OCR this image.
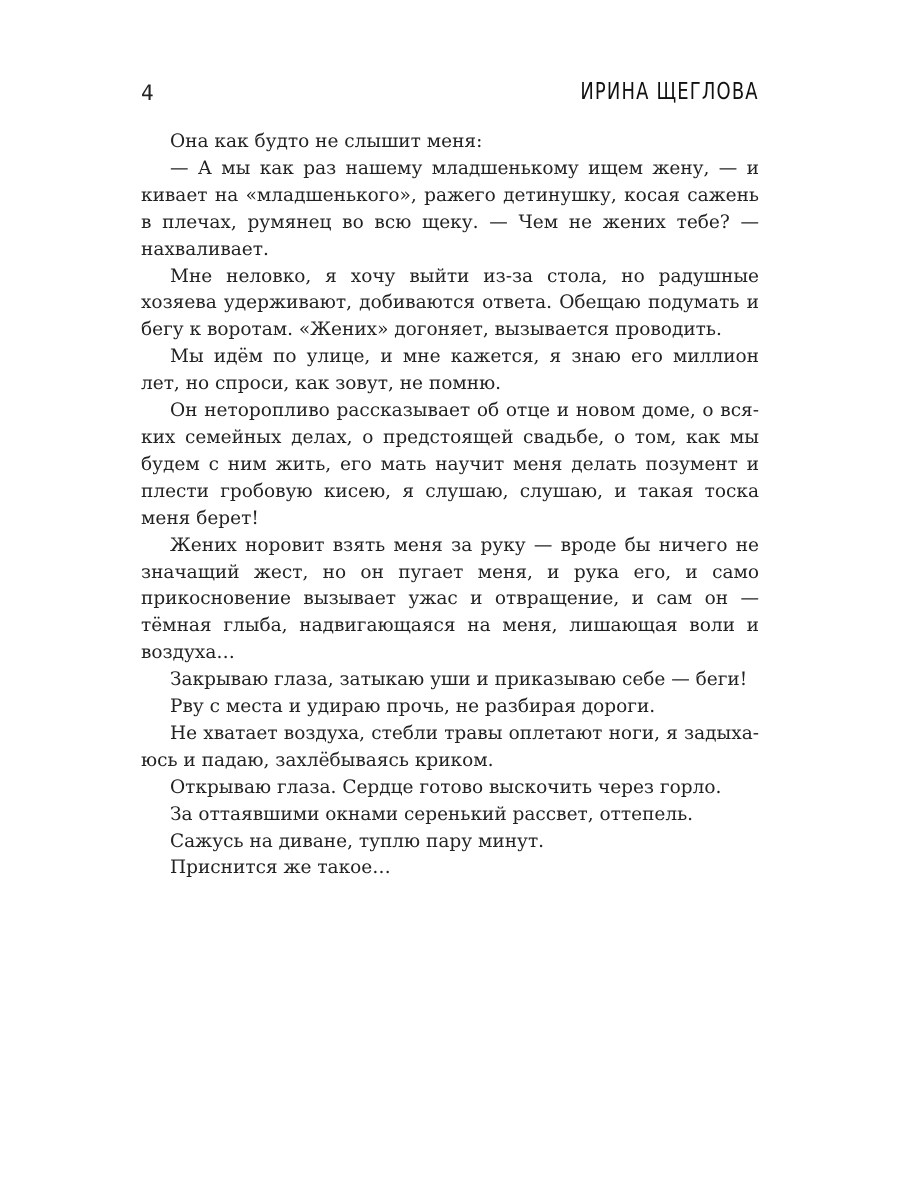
4	ИРИНА ЩЕГЛОВА

Она как будто не слышит меня:

— А мы как раз нашему младшенькому ищем жену, — и кивает на «младшенького», ражего детинушку, косая сажень в плечах, румянец во всю щеку. — Чем не жених тебе? — нахваливает.

Мне неловко, я хочу выйти из-за стола, но радушные хозяева удерживают, добиваются ответа. Обещаю подумать и бегу к воротам. «Жених» догоняет, вызывается проводить.

Мы идём по улице, и мне кажется, я знаю его миллион лет, но спроси, как зовут, не помню.

Он неторопливо рассказывает об отце и новом доме, о всяких семейных делах, о предстоящей свадьбе, о том, как мы будем с ним жить, его мать научит меня делать позумент и плести гробовую кисею, я слушаю, слушаю, и такая тоска меня берет!

Жених норовит взять меня за руку — вроде бы ничего не значащий жест, но он пугает меня, и рука его, и само прикосновение вызывает ужас и отвращение, и сам он — тёмная глыба, надвигающаяся на меня, лишающая воли и воздуха…

Закрываю глаза, затыкаю уши и приказываю себе — беги!

Рву с места и удираю прочь, не разбирая дороги.

Не хватает воздуха, стебли травы оплетают ноги, я задыхаюсь и падаю, захлёбываясь криком.

Открываю глаза. Сердце готово выскочить через горло.

За оттаявшими окнами серенький рассвет, оттепель.

Сажусь на диване, туплю пару минут.

Приснится же такое…
